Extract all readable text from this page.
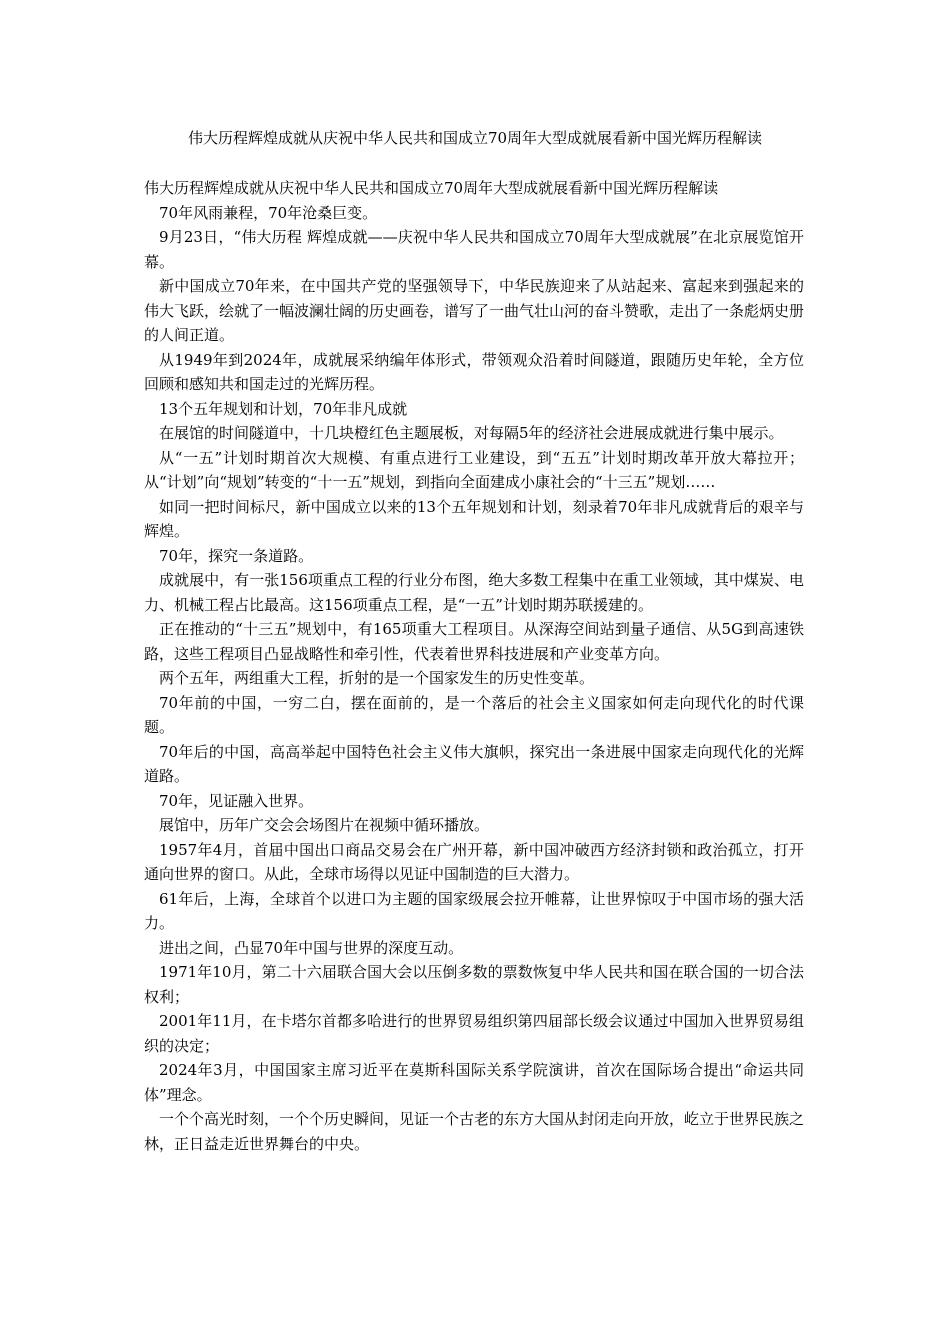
伟大历程辉煌成就从庆祝中华人民共和国成立70周年大型成就展看新中国光辉历程解读

伟大历程辉煌成就从庆祝中华人民共和国成立70周年大型成就展看新中国光辉历程解读

70年风雨兼程，70年沧桑巨变。

9月23日，“伟大历程 辉煌成就——庆祝中华人民共和国成立70周年大型成就展”在北京展览馆开幕。

新中国成立70年来，在中国共产党的坚强领导下，中华民族迎来了从站起来、富起来到强起来的伟大飞跃，绘就了一幅波澜壮阔的历史画卷，谱写了一曲气壮山河的奋斗赞歌，走出了一条彪炳史册的人间正道。

从1949年到2024年，成就展采纳编年体形式，带领观众沿着时间隧道，跟随历史年轮，全方位回顾和感知共和国走过的光辉历程。

13个五年规划和计划，70年非凡成就

在展馆的时间隧道中，十几块橙红色主题展板，对每隔5年的经济社会进展成就进行集中展示。

从“一五”计划时期首次大规模、有重点进行工业建设，到“五五”计划时期改革开放大幕拉开；从“计划”向“规划”转变的“十一五”规划，到指向全面建成小康社会的“十三五”规划……

如同一把时间标尺，新中国成立以来的13个五年规划和计划，刻录着70年非凡成就背后的艰辛与辉煌。

70年，探究一条道路。

成就展中，有一张156项重点工程的行业分布图，绝大多数工程集中在重工业领域，其中煤炭、电力、机械工程占比最高。这156项重点工程，是“一五”计划时期苏联援建的。

正在推动的“十三五”规划中，有165项重大工程项目。从深海空间站到量子通信、从5G到高速铁路，这些工程项目凸显战略性和牵引性，代表着世界科技进展和产业变革方向。

两个五年，两组重大工程，折射的是一个国家发生的历史性变革。

70年前的中国，一穷二白，摆在面前的，是一个落后的社会主义国家如何走向现代化的时代课题。

70年后的中国，高高举起中国特色社会主义伟大旗帜，探究出一条进展中国家走向现代化的光辉道路。

70年，见证融入世界。

展馆中，历年广交会会场图片在视频中循环播放。

1957年4月，首届中国出口商品交易会在广州开幕，新中国冲破西方经济封锁和政治孤立，打开通向世界的窗口。从此，全球市场得以见证中国制造的巨大潜力。

61年后，上海，全球首个以进口为主题的国家级展会拉开帷幕，让世界惊叹于中国市场的强大活力。

进出之间，凸显70年中国与世界的深度互动。

1971年10月，第二十六届联合国大会以压倒多数的票数恢复中华人民共和国在联合国的一切合法权利；

2001年11月，在卡塔尔首都多哈进行的世界贸易组织第四届部长级会议通过中国加入世界贸易组织的决定；

2024年3月，中国国家主席习近平在莫斯科国际关系学院演讲，首次在国际场合提出“命运共同体”理念。

一个个高光时刻，一个个历史瞬间，见证一个古老的东方大国从封闭走向开放，屹立于世界民族之林，正日益走近世界舞台的中央。
